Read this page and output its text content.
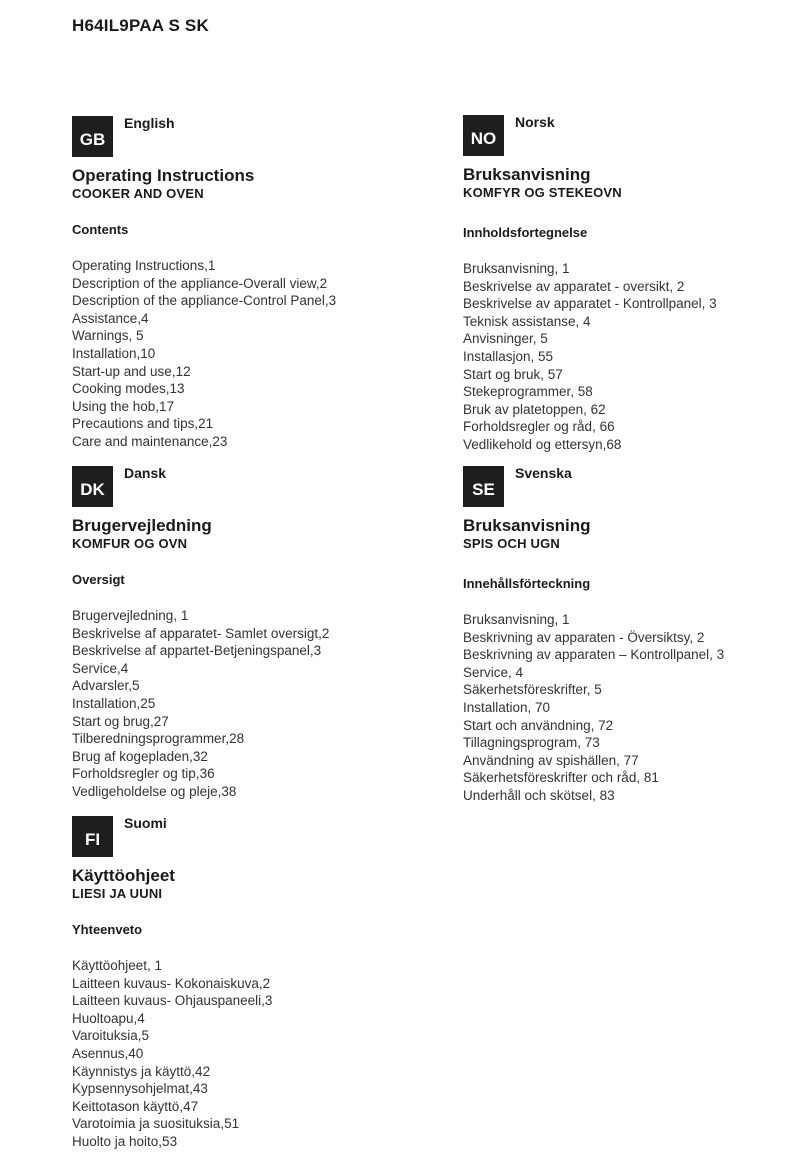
H64IL9PAA S SK
GB
English
Operating Instructions
COOKER AND OVEN
Contents
Operating Instructions,1
Description of the appliance-Overall view,2
Description of the appliance-Control Panel,3
Assistance,4
Warnings, 5
Installation,10
Start-up and use,12
Cooking modes,13
Using the hob,17
Precautions and tips,21
Care and maintenance,23
DK
Dansk
Brugervejledning
KOMFUR OG OVN
Oversigt
Brugervejledning, 1
Beskrivelse af apparatet- Samlet oversigt,2
Beskrivelse af appartet-Betjeningspanel,3
Service,4
Advarsler,5
Installation,25
Start og brug,27
Tilberedningsprogrammer,28
Brug af kogepladen,32
Forholdsregler og tip,36
Vedligeholdelse og pleje,38
FI
Suomi
Käyttöohjeet
LIESI JA UUNI
Yhteenveto
Käyttöohjeet, 1
Laitteen kuvaus- Kokonaiskuva,2
Laitteen kuvaus- Ohjauspaneeli,3
Huoltoapu,4
Varoituksia,5
Asennus,40
Käynnistys ja käyttö,42
Kypsennysohjelmat,43
Keittotason käyttö,47
Varotoimia ja suosituksia,51
Huolto ja hoito,53
NO
Norsk
Bruksanvisning
KOMFYR OG STEKEOVN
Innholdsfortegnelse
Bruksanvisning, 1
Beskrivelse av apparatet - oversikt, 2
Beskrivelse av apparatet - Kontrollpanel, 3
Teknisk assistanse, 4
Anvisninger, 5
Installasjon, 55
Start og bruk, 57
Stekeprogrammer, 58
Bruk av platetoppen, 62
Forholdsregler og råd, 66
Vedlikehold og ettersyn,68
SE
Svenska
Bruksanvisning
SPIS OCH UGN
Innehållsförteckning
Bruksanvisning, 1
Beskrivning av apparaten - Översiktsy, 2
Beskrivning av apparaten – Kontrollpanel, 3
Service, 4
Säkerhetsföreskrifter, 5
Installation, 70
Start och användning, 72
Tillagningsprogram, 73
Användning av spishällen, 77
Säkerhetsföreskrifter och råd, 81
Underhåll och skötsel, 83
